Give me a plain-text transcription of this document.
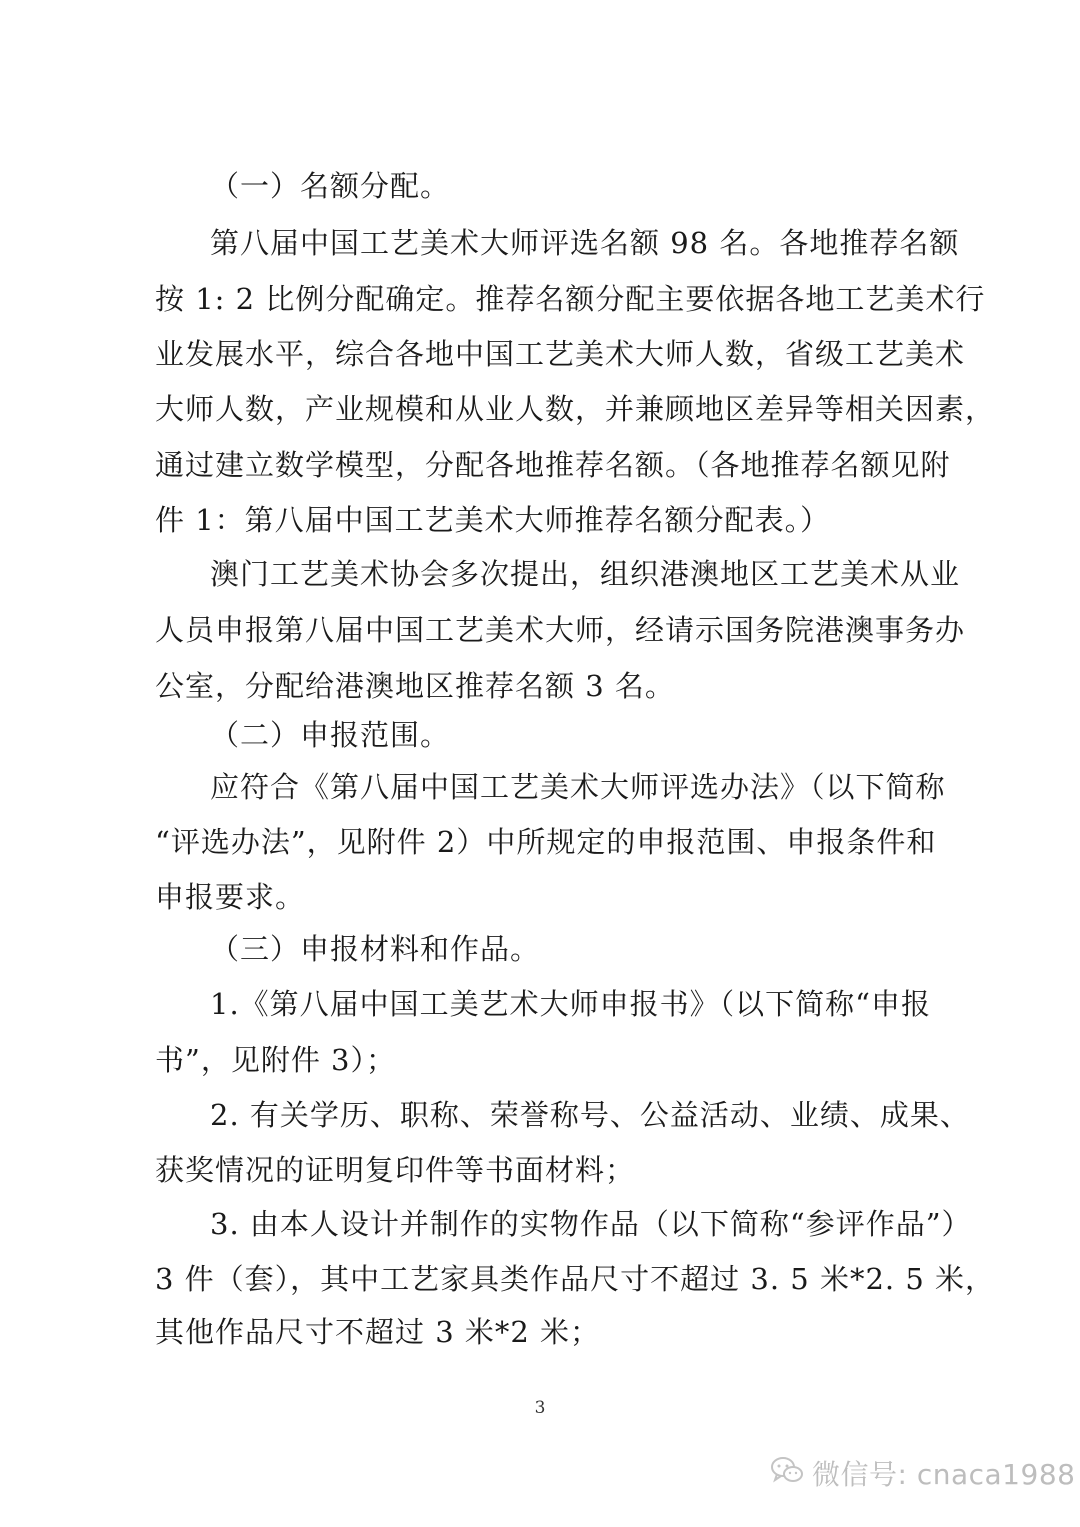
（一）名额分配。

第八届中国工艺美术大师评选名额 98 名。各地推荐名额

按 1: 2 比例分配确定。推荐名额分配主要依据各地工艺美术行

业发展水平，综合各地中国工艺美术大师人数，省级工艺美术

大师人数，产业规模和从业人数，并兼顾地区差异等相关因素，

通过建立数学模型，分配各地推荐名额。（各地推荐名额见附

件 1：第八届中国工艺美术大师推荐名额分配表。）

澳门工艺美术协会多次提出，组织港澳地区工艺美术从业

人员申报第八届中国工艺美术大师，经请示国务院港澳事务办

公室，分配给港澳地区推荐名额 3 名。

（二）申报范围。

应符合《第八届中国工艺美术大师评选办法》（以下简称

“评选办法”，见附件 2）中所规定的申报范围、申报条件和

申报要求。

（三）申报材料和作品。

1.《第八届中国工美艺术大师申报书》（以下简称“申报

书”，见附件 3）；

2. 有关学历、职称、荣誉称号、公益活动、业绩、成果、

获奖情况的证明复印件等书面材料；

3. 由本人设计并制作的实物作品（以下简称“参评作品”）

3 件（套），其中工艺家具类作品尺寸不超过 3. 5 米*2. 5 米，

其他作品尺寸不超过 3 米*2 米；

3
微信号: cnaca1988
